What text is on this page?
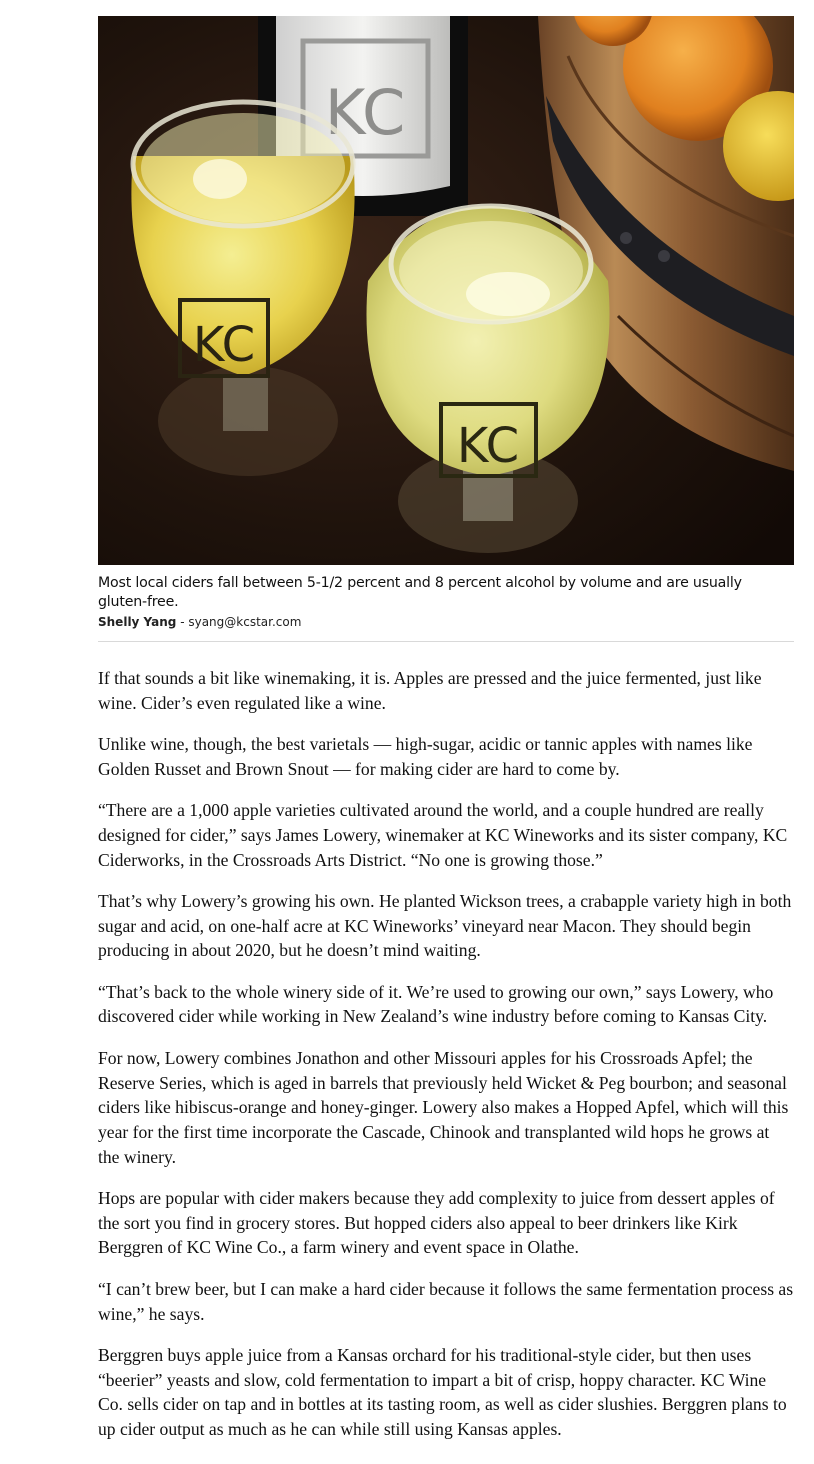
KC
KC
KC
Most local ciders fall between 5-1/2 percent and 8 percent alcohol by volume and are usually gluten-free.
Shelly Yang - syang@kcstar.com

If that sounds a bit like winemaking, it is. Apples are pressed and the juice fermented, just like wine. Cider’s even regulated like a wine.

Unlike wine, though, the best varietals — high-sugar, acidic or tannic apples with names like Golden Russet and Brown Snout — for making cider are hard to come by.

“There are a 1,000 apple varieties cultivated around the world, and a couple hundred are really designed for cider,” says James Lowery, winemaker at KC Wineworks and its sister company, KC Ciderworks, in the Crossroads Arts District. “No one is growing those.”

That’s why Lowery’s growing his own. He planted Wickson trees, a crabapple variety high in both sugar and acid, on one-half acre at KC Wineworks’ vineyard near Macon. They should begin producing in about 2020, but he doesn’t mind waiting.

“That’s back to the whole winery side of it. We’re used to growing our own,” says Lowery, who discovered cider while working in New Zealand’s wine industry before coming to Kansas City.

For now, Lowery combines Jonathon and other Missouri apples for his Crossroads Apfel; the Reserve Series, which is aged in barrels that previously held Wicket & Peg bourbon; and seasonal ciders like hibiscus-orange and honey-ginger. Lowery also makes a Hopped Apfel, which will this year for the first time incorporate the Cascade, Chinook and transplanted wild hops he grows at the winery.

Hops are popular with cider makers because they add complexity to juice from dessert apples of the sort you find in grocery stores. But hopped ciders also appeal to beer drinkers like Kirk Berggren of KC Wine Co., a farm winery and event space in Olathe.

“I can’t brew beer, but I can make a hard cider because it follows the same fermentation process as wine,” he says.

Berggren buys apple juice from a Kansas orchard for his traditional-style cider, but then uses “beerier” yeasts and slow, cold fermentation to impart a bit of crisp, hoppy character. KC Wine Co. sells cider on tap and in bottles at its tasting room, as well as cider slushies. Berggren plans to up cider output as much as he can while still using Kansas apples.
